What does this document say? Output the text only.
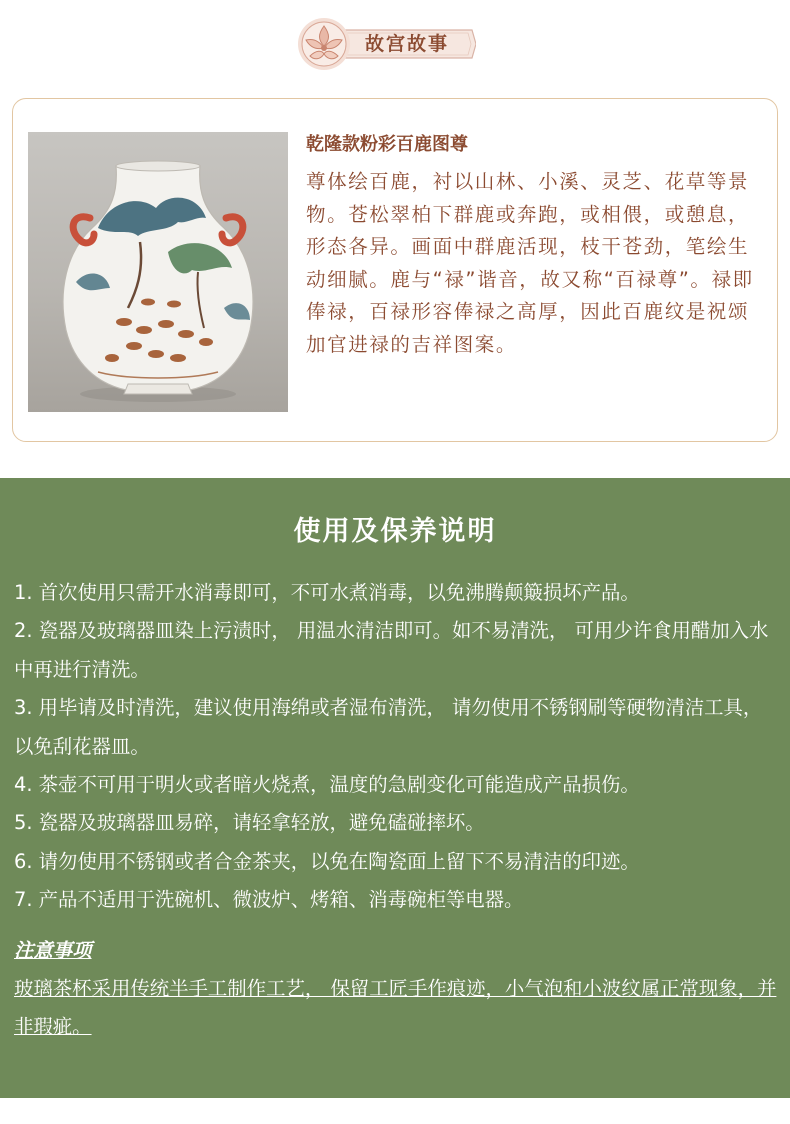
故宫故事
乾隆款粉彩百鹿图尊
尊体绘百鹿，衬以山林、小溪、灵芝、花草等景物。苍松翠柏下群鹿或奔跑，或相偎，或憩息，形态各异。画面中群鹿活现，枝干苍劲，笔绘生动细腻。鹿与“禄”谐音，故又称“百禄尊”。禄即俸禄，百禄形容俸禄之高厚，因此百鹿纹是祝颂加官进禄的吉祥图案。
使用及保养说明
1. 首次使用只需开水消毒即可，不可水煮消毒，以免沸腾颠簸损坏产品。
2. 瓷器及玻璃器皿染上污渍时， 用温水清洁即可。如不易清洗， 可用少许食用醋加入水中再进行清洗。
3. 用毕请及时清洗，建议使用海绵或者湿布清洗， 请勿使用不锈钢刷等硬物清洁工具，以免刮花器皿。
4. 茶壶不可用于明火或者暗火烧煮，温度的急剧变化可能造成产品损伤。
5. 瓷器及玻璃器皿易碎，请轻拿轻放，避免磕碰摔坏。
6. 请勿使用不锈钢或者合金茶夹，以免在陶瓷面上留下不易清洁的印迹。
7. 产品不适用于洗碗机、微波炉、烤箱、消毒碗柜等电器。
注意事项
玻璃茶杯采用传统半手工制作工艺， 保留工匠手作痕迹，小气泡和小波纹属正常现象，并非瑕疵。
